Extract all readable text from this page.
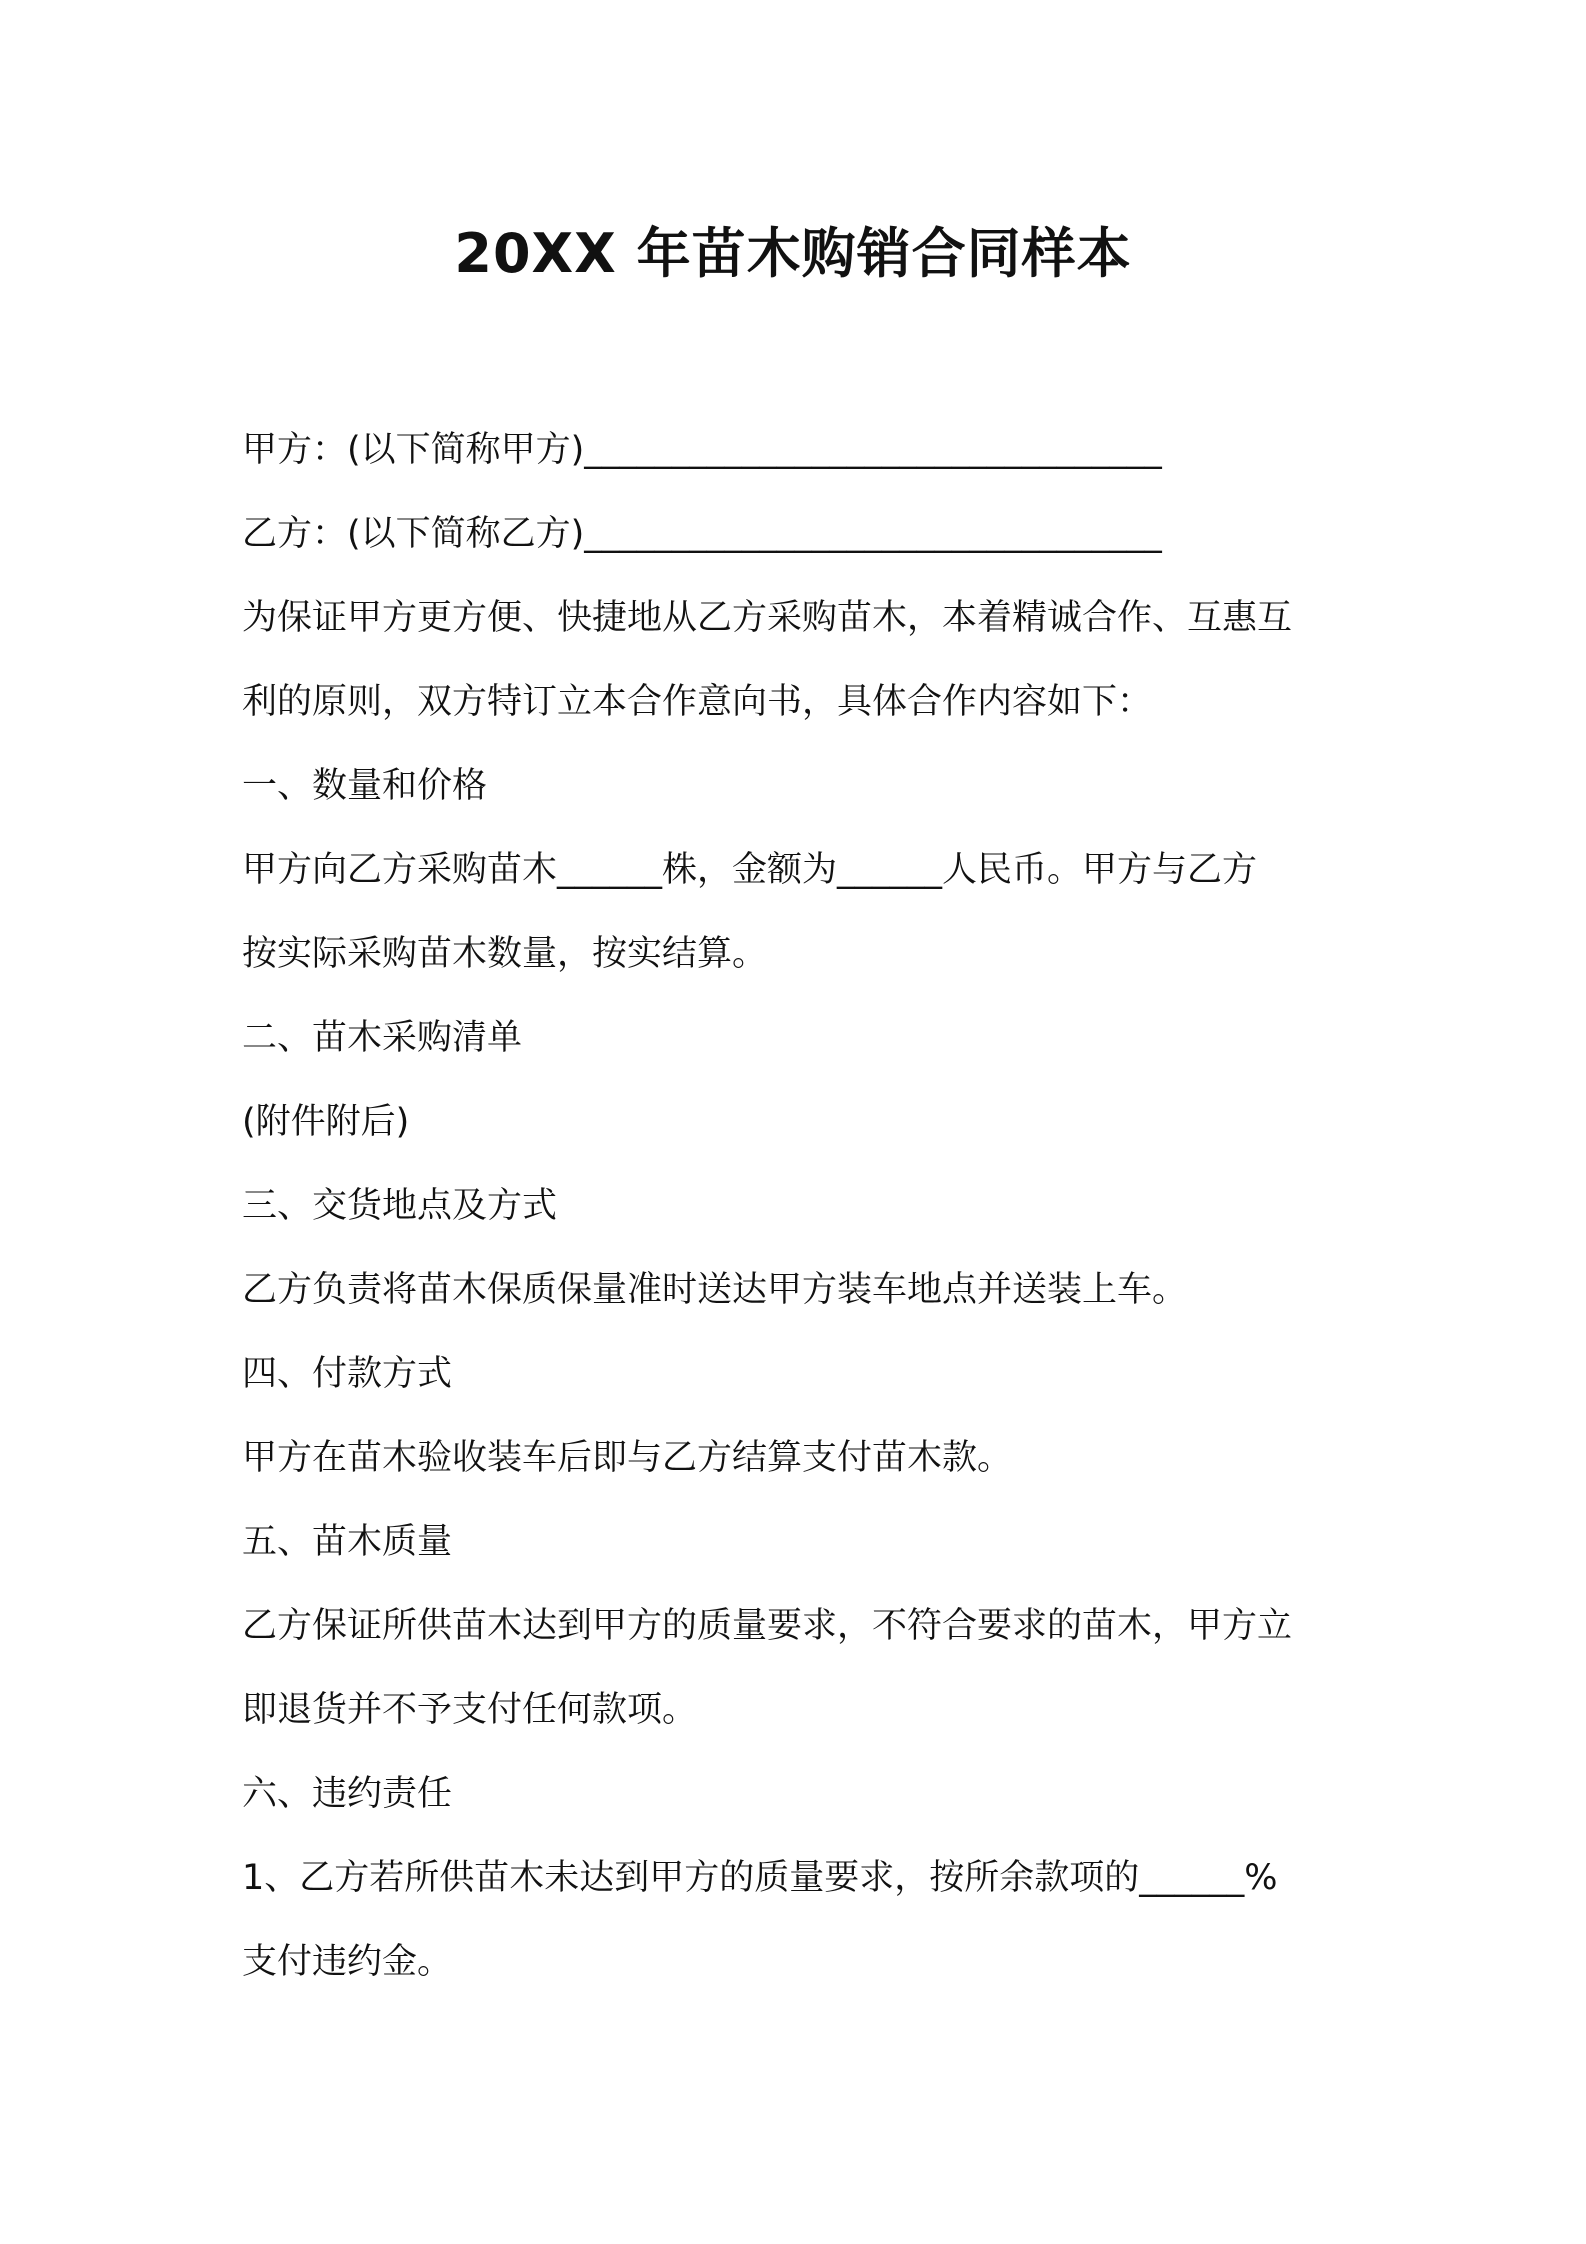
20XX 年苗木购销合同样本
甲方：(以下简称甲方)_________________________________
乙方：(以下简称乙方)_________________________________
为保证甲方更方便、快捷地从乙方采购苗木，本着精诚合作、互惠互
利的原则，双方特订立本合作意向书，具体合作内容如下：
一、数量和价格
甲方向乙方采购苗木______株，金额为______人民币。甲方与乙方
按实际采购苗木数量，按实结算。
二、苗木采购清单
(附件附后)
三、交货地点及方式
乙方负责将苗木保质保量准时送达甲方装车地点并送装上车。
四、付款方式
甲方在苗木验收装车后即与乙方结算支付苗木款。
五、苗木质量
乙方保证所供苗木达到甲方的质量要求，不符合要求的苗木，甲方立
即退货并不予支付任何款项。
六、违约责任
1、乙方若所供苗木未达到甲方的质量要求，按所余款项的______%
支付违约金。
